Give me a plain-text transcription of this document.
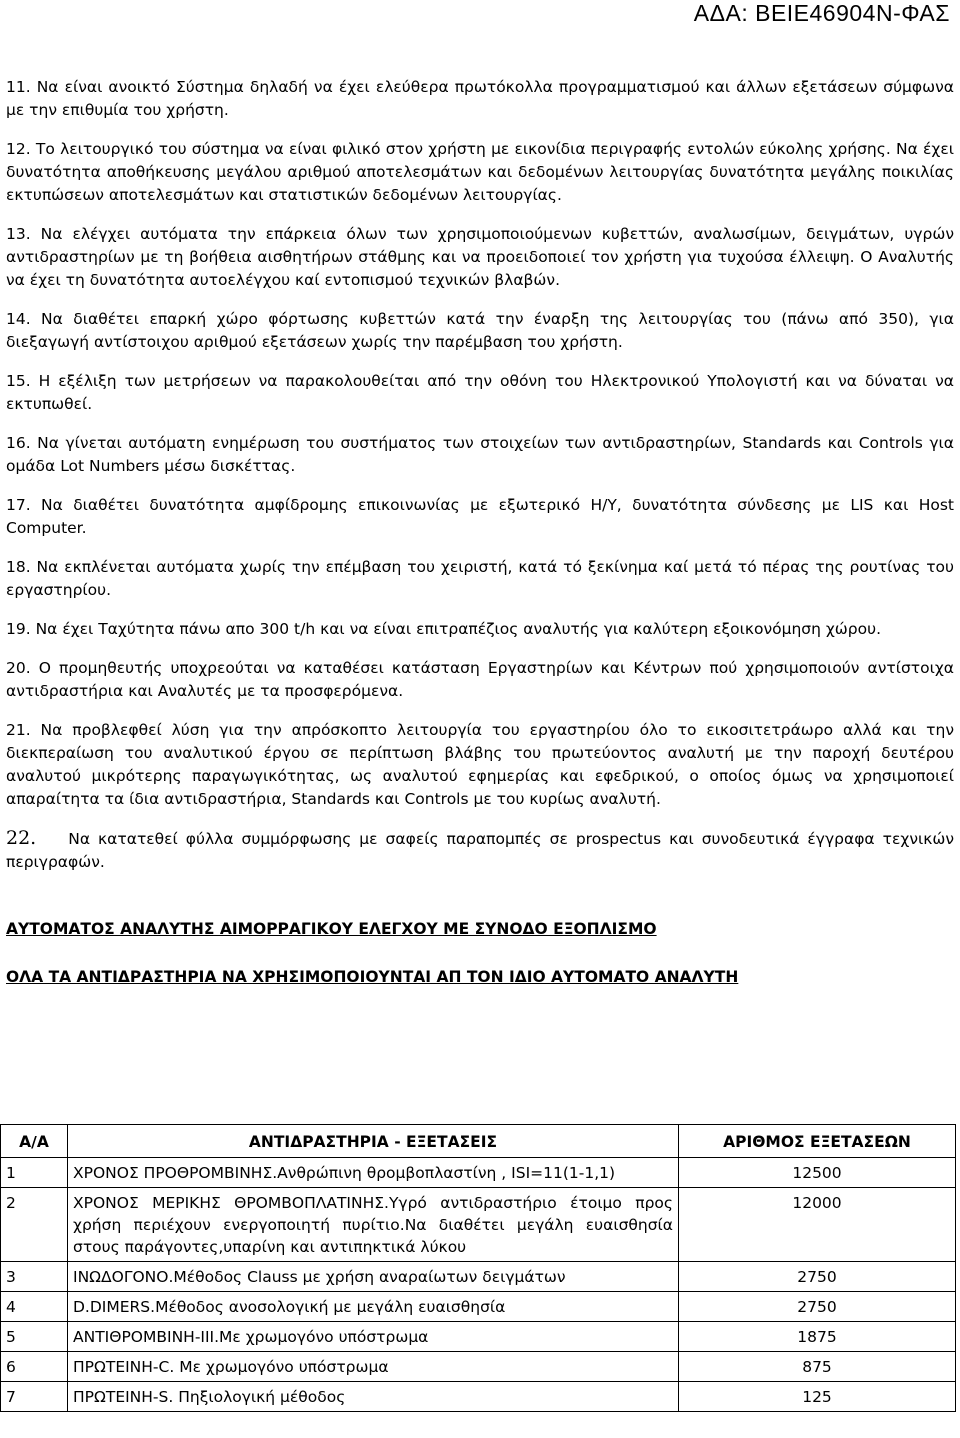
ΑΔΑ: ΒΕΙΕ46904Ν-ΦΑΣ

11. Να είναι ανοικτό Σύστημα δηλαδή να έχει ελεύθερα πρωτόκολλα προγραμματισμού και άλλων εξετάσεων σύμφωνα με την επιθυμία του χρήστη.

12. Το λειτουργικό του σύστημα να είναι φιλικό στον χρήστη με εικονίδια περιγραφής εντολών εύκολης χρήσης. Να έχει δυνατότητα αποθήκευσης μεγάλου αριθμού αποτελεσμάτων και δεδομένων λειτουργίας δυνατότητα μεγάλης ποικιλίας εκτυπώσεων αποτελεσμάτων και στατιστικών δεδομένων λειτουργίας.

13. Να ελέγχει αυτόματα την επάρκεια όλων των χρησιμοποιούμενων κυβεττών, αναλωσίμων, δειγμάτων, υγρών αντιδραστηρίων με τη βοήθεια αισθητήρων στάθμης και να προειδοποιεί τον χρήστη για τυχούσα έλλειψη. Ο Αναλυτής να έχει τη δυνατότητα αυτοελέγχου καί εντοπισμού τεχνικών βλαβών.

14. Να διαθέτει επαρκή χώρο φόρτωσης κυβεττών κατά την έναρξη της λειτουργίας του (πάνω από 350), για διεξαγωγή αντίστοιχου αριθμού εξετάσεων χωρίς την παρέμβαση του χρήστη.

15. Η εξέλιξη των μετρήσεων να παρακολουθείται από την οθόνη του Ηλεκτρονικού Υπολογιστή και να δύναται να εκτυπωθεί.

16. Να γίνεται αυτόματη ενημέρωση του συστήματος των στοιχείων των αντιδραστηρίων, Standards και Controls για ομάδα Lot Numbers μέσω δισκέττας.

17. Να διαθέτει δυνατότητα αμφίδρομης επικοινωνίας με εξωτερικό Η/Υ, δυνατότητα σύνδεσης με LIS και Host Computer.

18. Να εκπλένεται αυτόματα χωρίς την επέμβαση του χειριστή, κατά τό ξεκίνημα καί μετά τό πέρας της ρουτίνας του εργαστηρίου.

19. Να έχει Ταχύτητα πάνω απο 300 t/h και να είναι επιτραπέζιος αναλυτής για καλύτερη εξοικονόμηση χώρου.

20. Ο προμηθευτής υποχρεούται να καταθέσει κατάσταση Εργαστηρίων και Κέντρων πού χρησιμοποιούν αντίστοιχα αντιδραστήρια και Αναλυτές με τα προσφερόμενα.

21. Να προβλεφθεί λύση για την απρόσκοπτο λειτουργία του εργαστηρίου όλο το εικοσιτετράωρο αλλά και την διεκπεραίωση του αναλυτικού έργου σε περίπτωση βλάβης του πρωτεύοντος αναλυτή με την παροχή δευτέρου αναλυτού μικρότερης παραγωγικότητας, ως αναλυτού εφημερίας και εφεδρικού, ο οποίος όμως να χρησιμοποιεί απαραίτητα τα ίδια αντιδραστήρια, Standards και Controls με του κυρίως αναλυτή.

22. Να κατατεθεί φύλλα συμμόρφωσης με σαφείς παραπομπές σε prospectus και συνοδευτικά έγγραφα τεχνικών περιγραφών.

ΑΥΤΟΜΑΤΟΣ ΑΝΑΛΥΤΗΣ ΑΙΜΟΡΡΑΓΙΚΟΥ ΕΛΕΓΧΟΥ ΜΕ ΣΥΝΟΔΟ ΕΞΟΠΛΙΣΜΟ

ΟΛΑ ΤΑ ΑΝΤΙΔΡΑΣΤΗΡΙΑ ΝΑ ΧΡΗΣΙΜΟΠΟΙΟΥΝΤΑΙ ΑΠ ΤΟΝ ΙΔΙΟ ΑΥΤΟΜΑΤΟ ΑΝΑΛΥΤΗ

Α/Α	ΑΝΤΙΔΡΑΣΤΗΡΙΑ - ΕΞΕΤΑΣΕΙΣ	ΑΡΙΘΜΟΣ ΕΞΕΤΑΣΕΩΝ
1	ΧΡΟΝΟΣ ΠΡΟΘΡΟΜΒΙΝΗΣ.Ανθρώπινη θρομβοπλαστίνη , ISI=11(1-1,1)	12500
2	ΧΡΟΝΟΣ ΜΕΡΙΚΗΣ ΘΡΟΜΒΟΠΛΑΤΙΝΗΣ.Υγρό αντιδραστήριο έτοιμο προς χρήση περιέχουν ενεργοποιητή πυρίτιο.Να διαθέτει μεγάλη ευαισθησία στους παράγοντες,υπαρίνη και αντιπηκτικά λύκου	12000
3	ΙΝΩΔΟΓΟΝΟ.Μέθοδος Clauss με χρήση αναραίωτων δειγμάτων	2750
4	D.DIMERS.Μέθοδος ανοσολογική με μεγάλη ευαισθησία	2750
5	ΑΝΤΙΘΡΟΜΒΙΝΗ-ΙΙΙ.Με χρωμογόνο υπόστρωμα	1875
6	ΠΡΩΤΕΙΝΗ-C. Με χρωμογόνο υπόστρωμα	875
7	ΠΡΩΤΕΙΝΗ-S. Πηξιολογική μέθοδος	125
